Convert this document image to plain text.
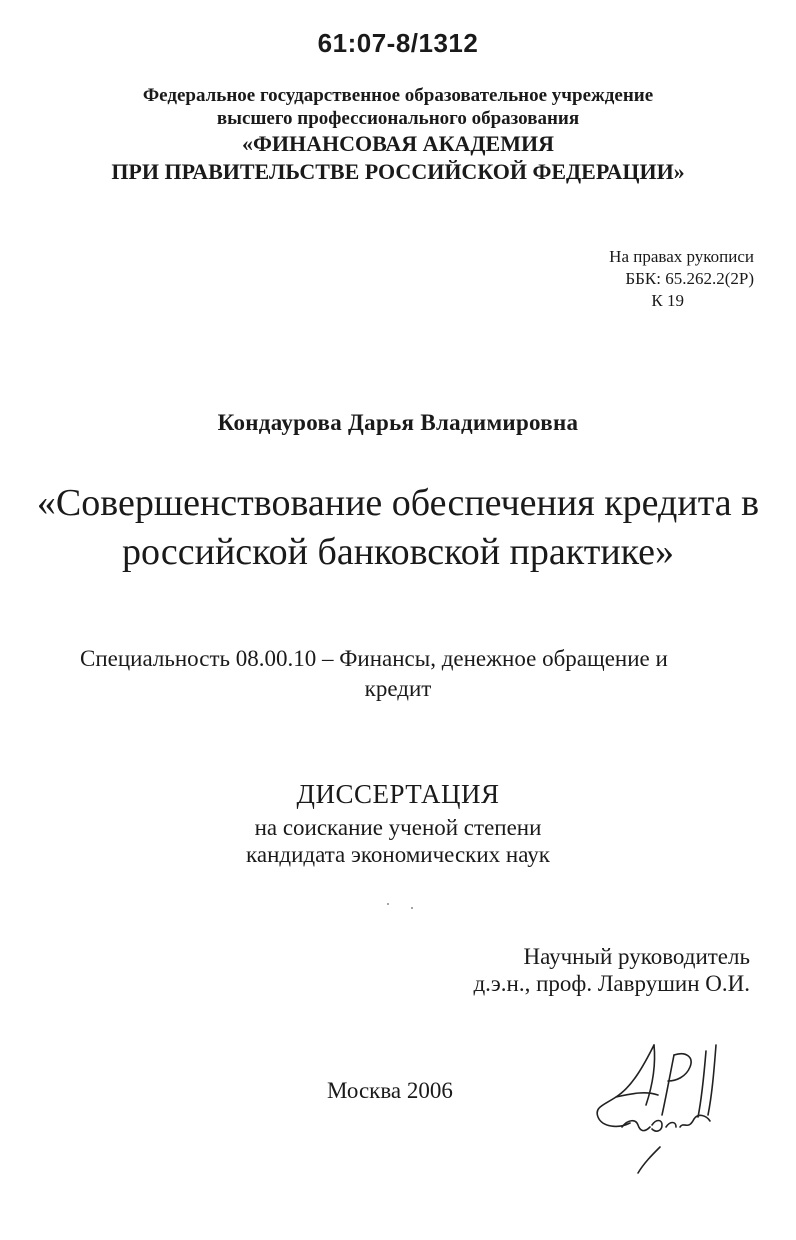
61:07-8/1312
Федеральное государственное образовательное учреждение
высшего профессионального образования
«ФИНАНСОВАЯ АКАДЕМИЯ
ПРИ ПРАВИТЕЛЬСТВЕ РОССИЙСКОЙ ФЕДЕРАЦИИ»
На правах рукописи
ББК: 65.262.2(2Р)
К 19
Кондаурова Дарья Владимировна
«Совершенствование обеспечения кредита в
российской банковской практике»
Специальность 08.00.10 – Финансы, денежное обращение и
кредит
ДИССЕРТАЦИЯ
на соискание ученой степени
кандидата экономических наук
Научный руководитель
д.э.н., проф. Лаврушин О.И.
Москва 2006
